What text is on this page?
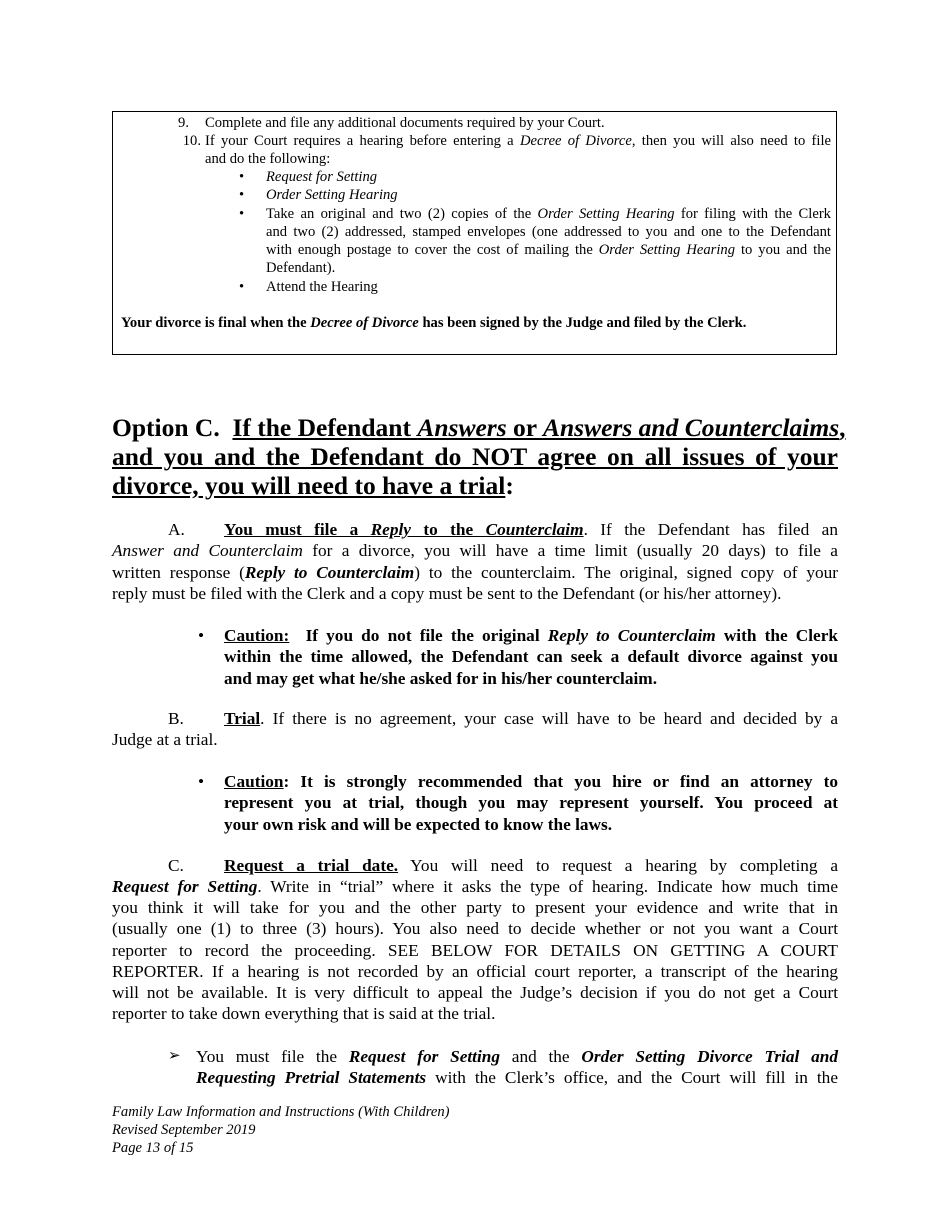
9. Complete and file any additional documents required by your Court.
10. If your Court requires a hearing before entering a Decree of Divorce, then you will also need to file
and do the following:
• Request for Setting
• Order Setting Hearing
• Take an original and two (2) copies of the Order Setting Hearing for filing with the Clerk
and two (2) addressed, stamped envelopes (one addressed to you and one to the Defendant
with enough postage to cover the cost of mailing the Order Setting Hearing to you and the
Defendant).
• Attend the Hearing
Your divorce is final when the Decree of Divorce has been signed by the Judge and filed by the Clerk.
Option C. If the Defendant Answers or Answers and Counterclaims,
and you and the Defendant do NOT agree on all issues of your
divorce, you will need to have a trial:
A. You must file a Reply to the Counterclaim. If the Defendant has filed an
Answer and Counterclaim for a divorce, you will have a time limit (usually 20 days) to file a
written response (Reply to Counterclaim) to the counterclaim. The original, signed copy of your
reply must be filed with the Clerk and a copy must be sent to the Defendant (or his/her attorney).
• Caution: If you do not file the original Reply to Counterclaim with the Clerk
within the time allowed, the Defendant can seek a default divorce against you
and may get what he/she asked for in his/her counterclaim.
B. Trial. If there is no agreement, your case will have to be heard and decided by a
Judge at a trial.
• Caution: It is strongly recommended that you hire or find an attorney to
represent you at trial, though you may represent yourself. You proceed at
your own risk and will be expected to know the laws.
C. Request a trial date. You will need to request a hearing by completing a
Request for Setting. Write in “trial” where it asks the type of hearing. Indicate how much time
you think it will take for you and the other party to present your evidence and write that in
(usually one (1) to three (3) hours). You also need to decide whether or not you want a Court
reporter to record the proceeding. SEE BELOW FOR DETAILS ON GETTING A COURT
REPORTER. If a hearing is not recorded by an official court reporter, a transcript of the hearing
will not be available. It is very difficult to appeal the Judge’s decision if you do not get a Court
reporter to take down everything that is said at the trial.
➢ You must file the Request for Setting and the Order Setting Divorce Trial and
Requesting Pretrial Statements with the Clerk’s office, and the Court will fill in the
Family Law Information and Instructions (With Children)
Revised September 2019
Page 13 of 15
